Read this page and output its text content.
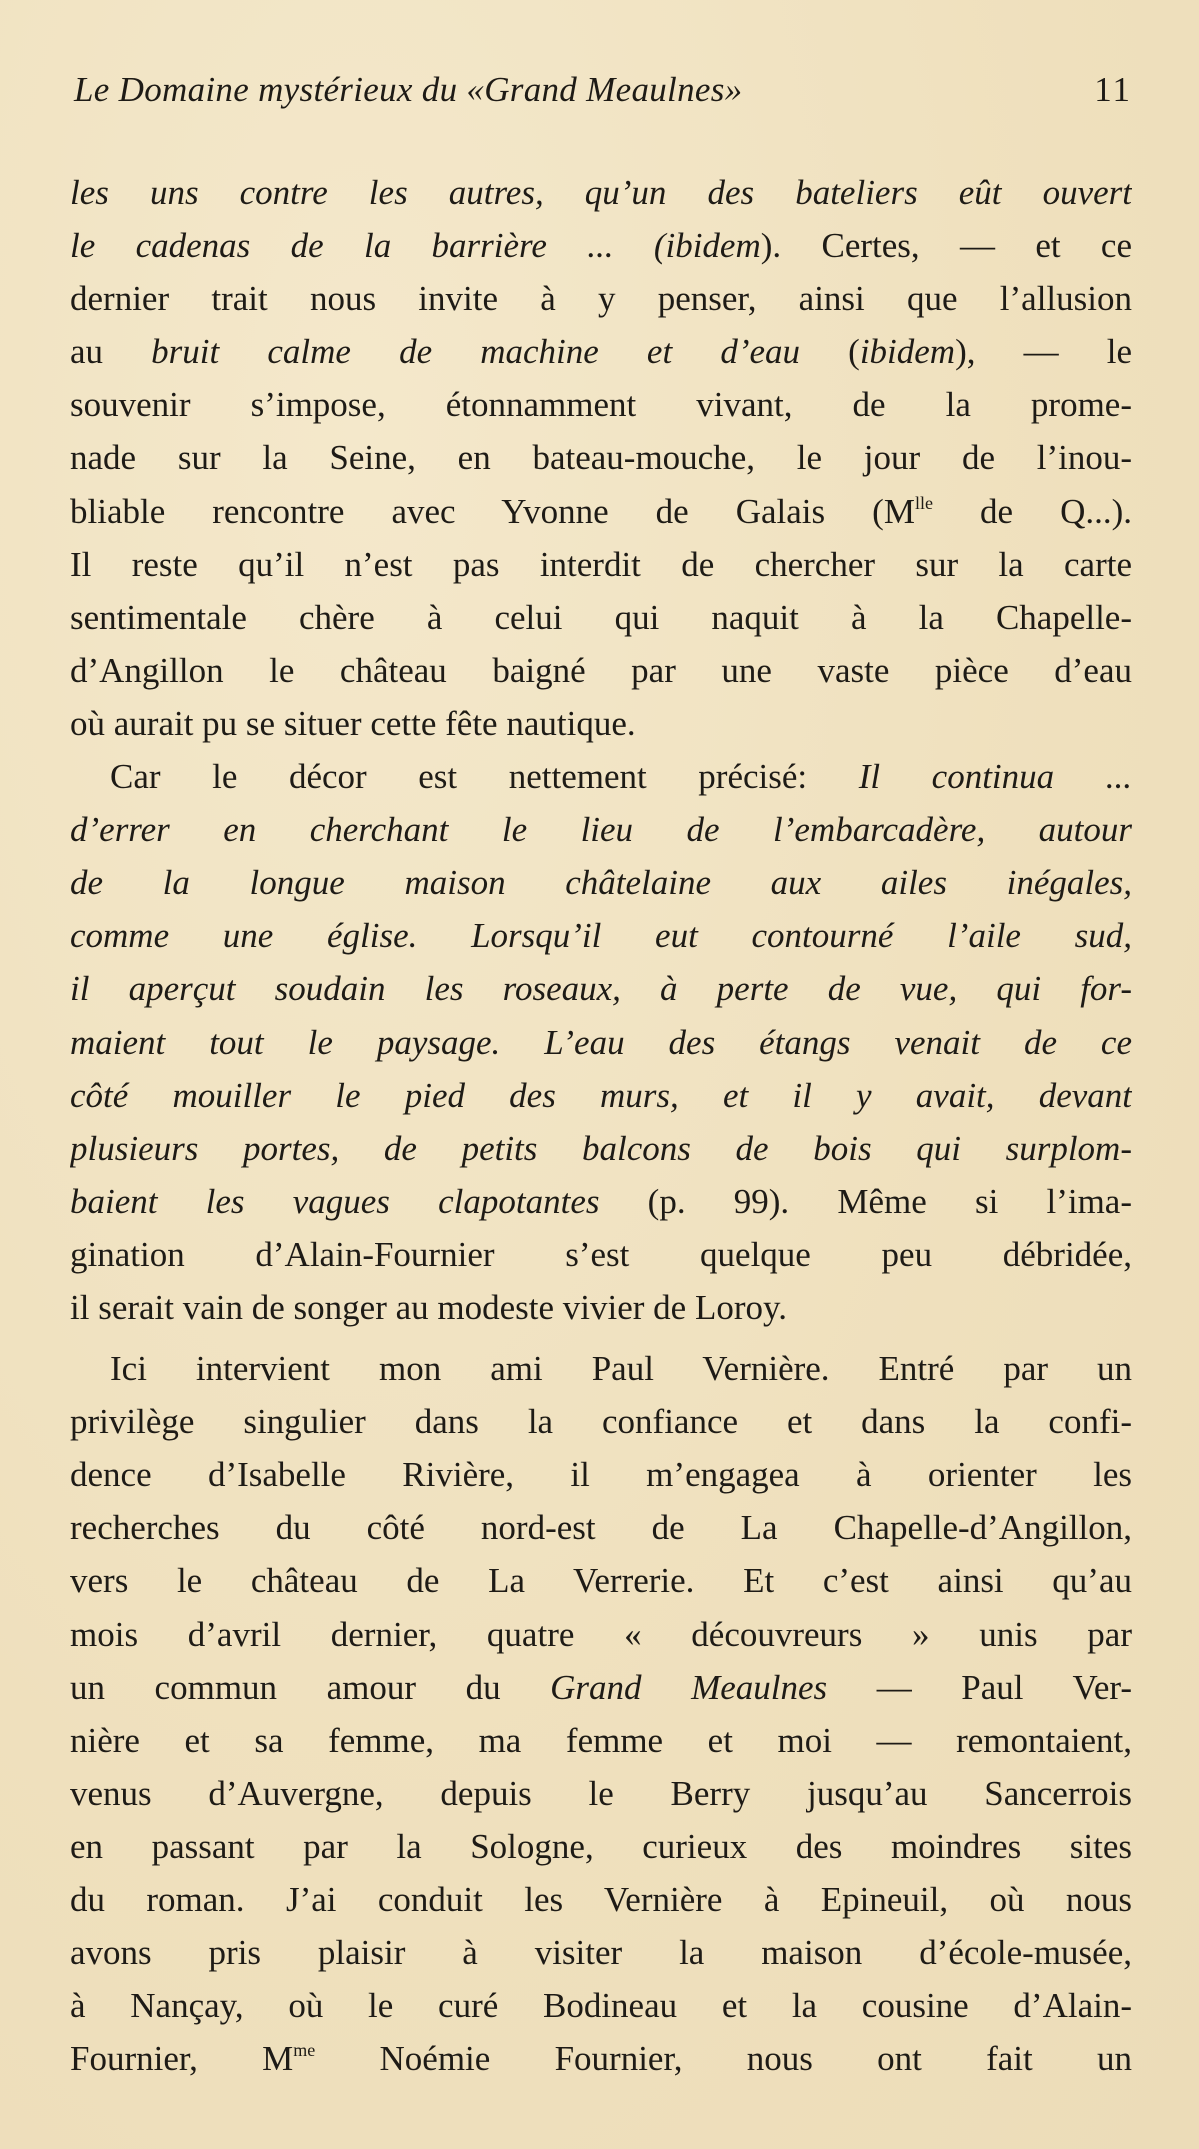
Le Domaine mystérieux du «Grand Meaulnes»	11
les uns contre les autres, qu’un des bateliers eût ouvert
le cadenas de la barrière ... (ibidem). Certes, — et ce
dernier trait nous invite à y penser, ainsi que l’allusion
au bruit calme de machine et d’eau (ibidem), — le
souvenir s’impose, étonnamment vivant, de la prome-
nade sur la Seine, en bateau-mouche, le jour de l’inou-
bliable rencontre avec Yvonne de Galais ($M^{lle}$ de Q...).
Il reste qu’il n’est pas interdit de chercher sur la carte
sentimentale chère à celui qui naquit à la Chapelle-
d’Angillon le château baigné par une vaste pièce d’eau
où aurait pu se situer cette fête nautique.
Car le décor est nettement précisé: Il continua ...
d’errer en cherchant le lieu de l’embarcadère, autour
de la longue maison châtelaine aux ailes inégales,
comme une église. Lorsqu’il eut contourné l’aile sud,
il aperçut soudain les roseaux, à perte de vue, qui for-
maient tout le paysage. L’eau des étangs venait de ce
côté mouiller le pied des murs, et il y avait, devant
plusieurs portes, de petits balcons de bois qui surplom-
baient les vagues clapotantes (p. 99). Même si l’ima-
gination d’Alain-Fournier s’est quelque peu débridée,
il serait vain de songer au modeste vivier de Loroy.
Ici intervient mon ami Paul Vernière. Entré par un
privilège singulier dans la confiance et dans la confi-
dence d’Isabelle Rivière, il m’engagea à orienter les
recherches du côté nord-est de La Chapelle-d’Angillon,
vers le château de La Verrerie. Et c’est ainsi qu’au
mois d’avril dernier, quatre « découvreurs » unis par
un commun amour du Grand Meaulnes — Paul Ver-
nière et sa femme, ma femme et moi — remontaient,
venus d’Auvergne, depuis le Berry jusqu’au Sancerrois
en passant par la Sologne, curieux des moindres sites
du roman. J’ai conduit les Vernière à Epineuil, où nous
avons pris plaisir à visiter la maison d’école-musée,
à Nançay, où le curé Bodineau et la cousine d’Alain-
Fournier, $M^{me}$ Noémie Fournier, nous ont fait un
